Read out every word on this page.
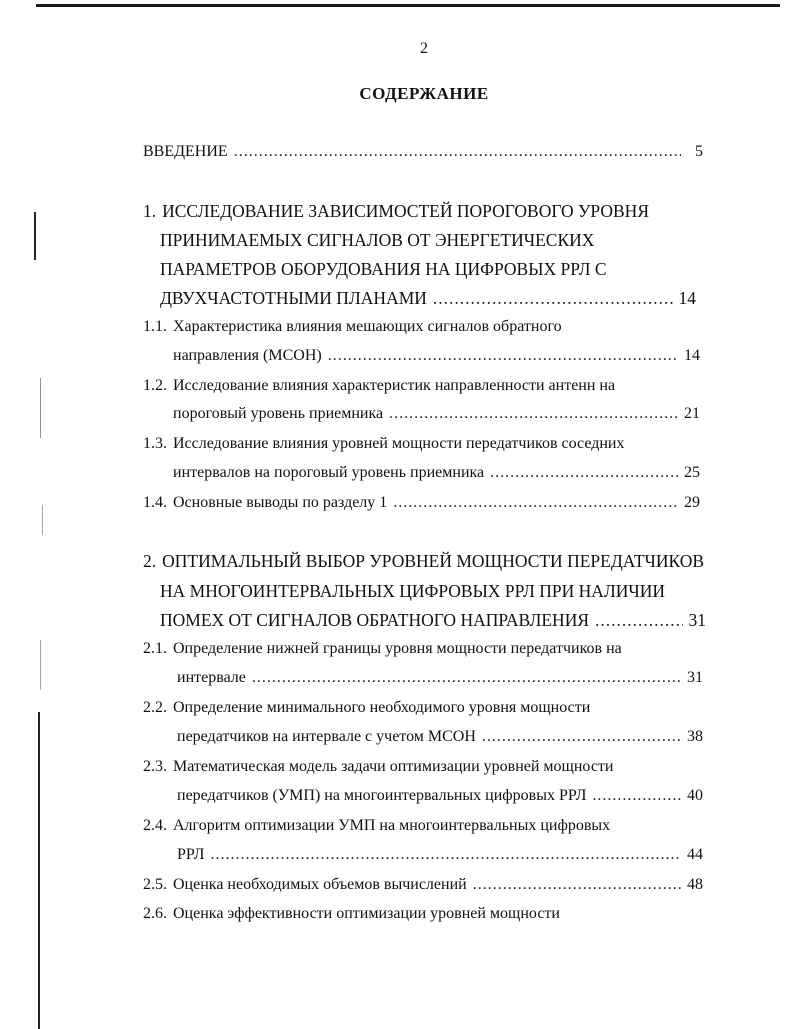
2
СОДЕРЖАНИЕ
ВВЕДЕНИЕ .....	5
1. ИССЛЕДОВАНИЕ ЗАВИСИМОСТЕЙ ПОРОГОВОГО УРОВНЯ
ПРИНИМАЕМЫХ СИГНАЛОВ ОТ ЭНЕРГЕТИЧЕСКИХ
ПАРАМЕТРОВ ОБОРУДОВАНИЯ НА ЦИФРОВЫХ РРЛ С
ДВУХЧАСТОТНЫМИ ПЛАНАМИ .....	14
1.1. Характеристика влияния мешающих сигналов обратного
направления (МСОН) .....	14
1.2. Исследование влияния характеристик направленности антенн на
пороговый уровень приемника .....	21
1.3. Исследование влияния уровней мощности передатчиков соседних
интервалов на пороговый уровень приемника .....	25
1.4. Основные выводы по разделу 1 .....	29
2. ОПТИМАЛЬНЫЙ ВЫБОР УРОВНЕЙ МОЩНОСТИ ПЕРЕДАТЧИКОВ
НА МНОГОИНТЕРВАЛЬНЫХ ЦИФРОВЫХ РРЛ ПРИ НАЛИЧИИ
ПОМЕХ ОТ СИГНАЛОВ ОБРАТНОГО НАПРАВЛЕНИЯ .....	31
2.1. Определение нижней границы уровня мощности передатчиков на
интервале .....	31
2.2. Определение минимального необходимого уровня мощности
передатчиков на интервале с учетом МСОН .....	38
2.3. Математическая модель задачи оптимизации уровней мощности
передатчиков (УМП) на многоинтервальных цифровых РРЛ .....	40
2.4. Алгоритм оптимизации УМП на многоинтервальных цифровых
РРЛ .....	44
2.5. Оценка необходимых объемов вычислений .....	48
2.6. Оценка эффективности оптимизации уровней мощности
